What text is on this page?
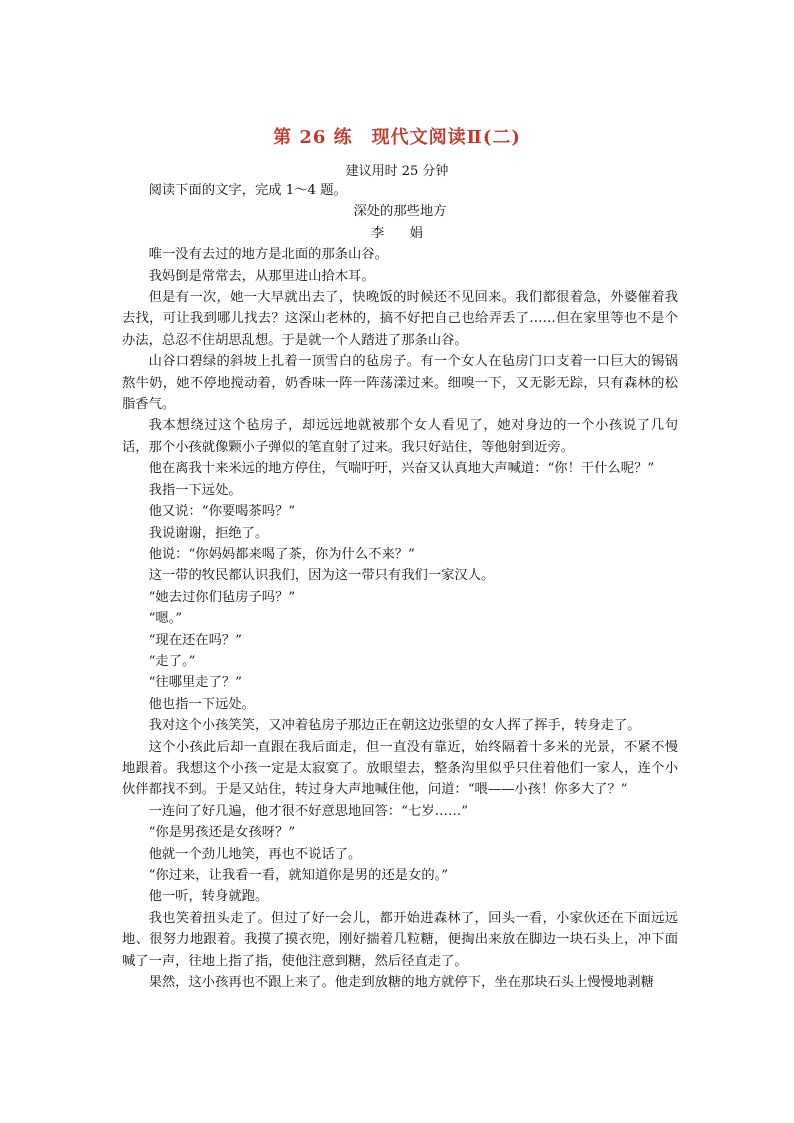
第 26 练　现代文阅读Ⅱ(二)
建议用时 25 分钟

阅读下面的文字，完成 1～4 题。

深处的那些地方

李　娟

唯一没有去过的地方是北面的那条山谷。

我妈倒是常常去，从那里进山拾木耳。

但是有一次，她一大早就出去了，快晚饭的时候还不见回来。我们都很着急，外婆催着我去找，可让我到哪儿找去？这深山老林的，搞不好把自己也给弄丢了……但在家里等也不是个办法，总忍不住胡思乱想。于是就一个人踏进了那条山谷。

山谷口碧绿的斜坡上扎着一顶雪白的毡房子。有一个女人在毡房门口支着一口巨大的锡锅熬牛奶，她不停地搅动着，奶香味一阵一阵荡漾过来。细嗅一下，又无影无踪，只有森林的松脂香气。

我本想绕过这个毡房子，却远远地就被那个女人看见了，她对身边的一个小孩说了几句话，那个小孩就像颗小子弹似的笔直射了过来。我只好站住，等他射到近旁。

他在离我十来米远的地方停住，气喘吁吁，兴奋又认真地大声喊道：“你！干什么呢？”

我指一下远处。

他又说：“你要喝茶吗？”

我说谢谢，拒绝了。

他说：“你妈妈都来喝了茶，你为什么不来？”

这一带的牧民都认识我们，因为这一带只有我们一家汉人。

“她去过你们毡房子吗？”

“嗯。”

“现在还在吗？”

“走了。”

“往哪里走了？”

他也指一下远处。

我对这个小孩笑笑，又冲着毡房子那边正在朝这边张望的女人挥了挥手，转身走了。

这个小孩此后却一直跟在我后面走，但一直没有靠近，始终隔着十多米的光景，不紧不慢地跟着。我想这个小孩一定是太寂寞了。放眼望去，整条沟里似乎只住着他们一家人，连个小伙伴都找不到。于是又站住，转过身大声地喊住他，问道：“喂——小孩！你多大了？”

一连问了好几遍，他才很不好意思地回答：“七岁……”

“你是男孩还是女孩呀？”

他就一个劲儿地笑，再也不说话了。

“你过来，让我看一看，就知道你是男的还是女的。”

他一听，转身就跑。

我也笑着扭头走了。但过了好一会儿，都开始进森林了，回头一看，小家伙还在下面远远地、很努力地跟着。我摸了摸衣兜，刚好揣着几粒糖，便掏出来放在脚边一块石头上，冲下面喊了一声，往地上指了指，使他注意到糖，然后径直走了。

果然，这小孩再也不跟上来了。他走到放糖的地方就停下，坐在那块石头上慢慢地剥糖
